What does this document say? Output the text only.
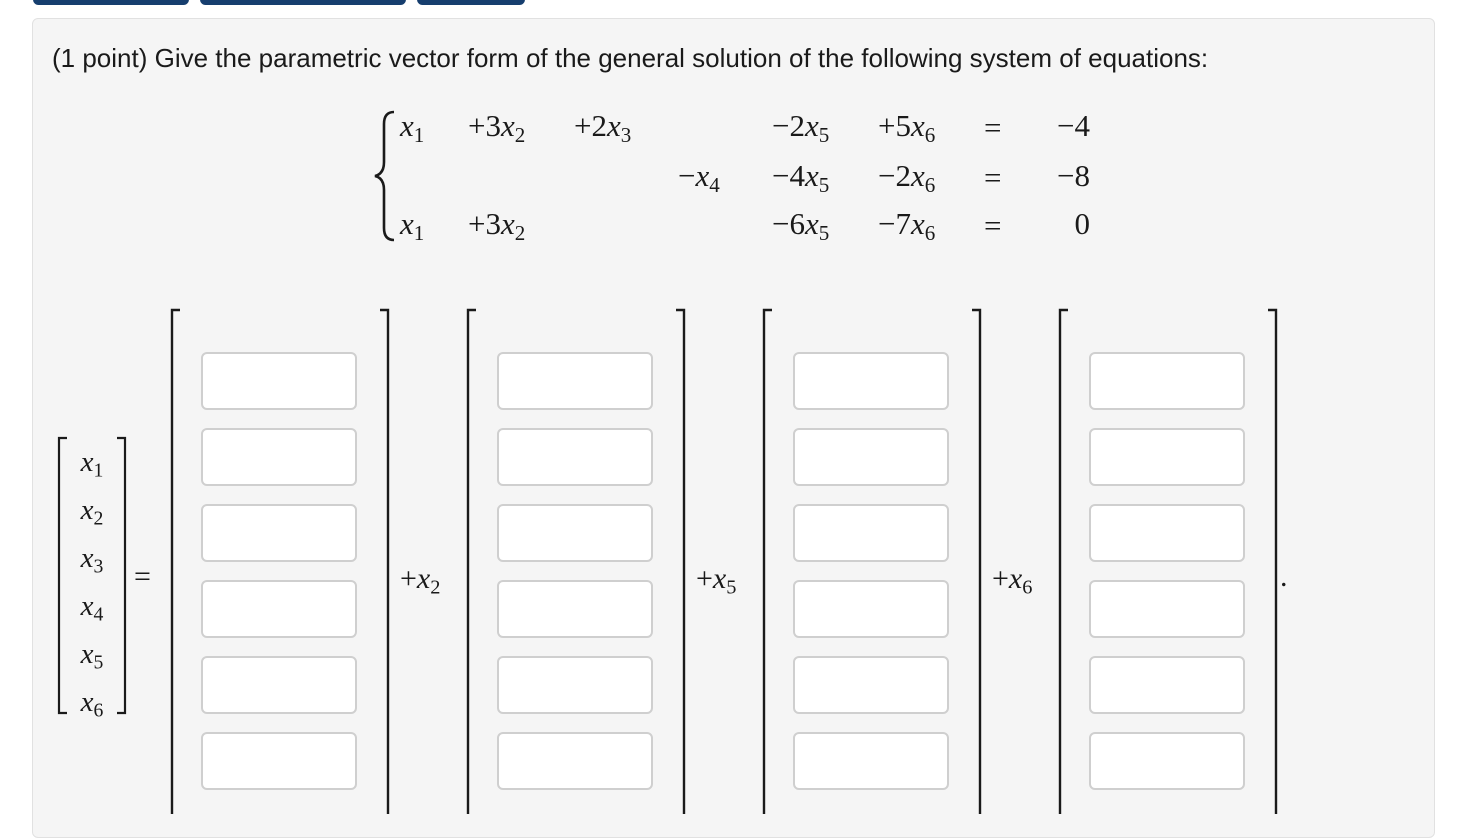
(1 point) Give the parametric vector form of the general solution of the following system of equations:
$x_1 +3x_2 +2x_3$	$-2x_5 +5x_6$ =	−4
$-x_4 -4x_5 -2x_6$ =	−8
$x_1 +3x_2$	$-6x_5 -7x_6$ =	0
$x_1$
$x_2$
$x_3$
$x_4$
$x_5$
$x_6$
=	$+x_2$	$+x_5$	$+x_6$	.
